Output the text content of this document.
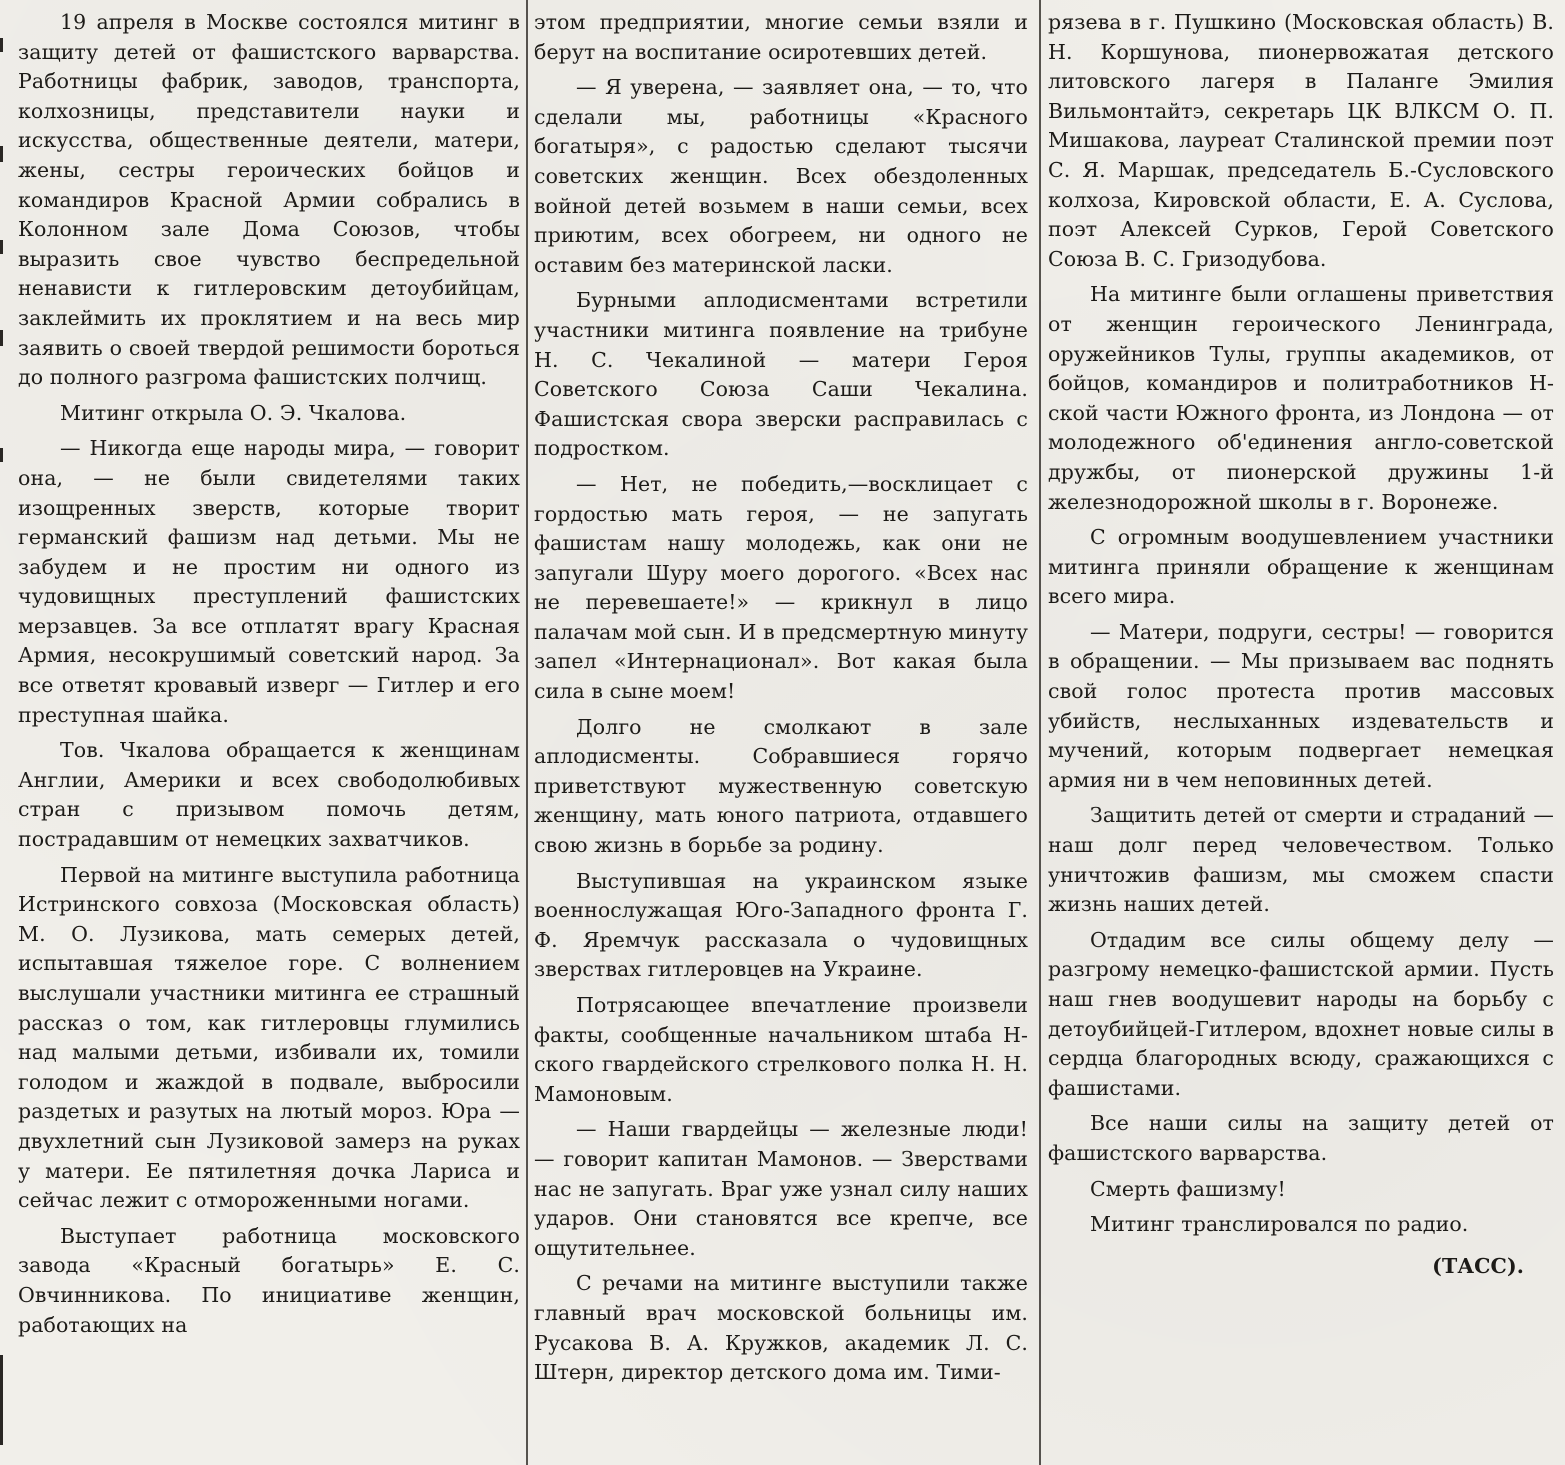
19 апреля в Москве состоялся митинг в защиту детей от фашистского варварства. Работницы фабрик, заводов, транспорта, колхозницы, представители науки и искусства, общественные деятели, матери, жены, сестры героических бойцов и командиров Красной Армии собрались в Колонном зале Дома Союзов, чтобы выразить свое чувство беспредельной ненависти к гитлеровским детоубийцам, заклеймить их проклятием и на весь мир заявить о своей твердой решимости бороться до полного разгрома фашистских полчищ.

Митинг открыла О. Э. Чкалова.

— Никогда еще народы мира, — говорит она, — не были свидетелями таких изощренных зверств, которые творит германский фашизм над детьми. Мы не забудем и не простим ни одного из чудовищных преступлений фашистских мерзавцев. За все отплатят врагу Красная Армия, несокрушимый советский народ. За все ответят кровавый изверг — Гитлер и его преступная шайка.

Тов. Чкалова обращается к женщинам Англии, Америки и всех свободолюбивых стран с призывом помочь детям, пострадавшим от немецких захватчиков.

Первой на митинге выступила работница Истринского совхоза (Московская область) М. О. Лузикова, мать семерых детей, испытавшая тяжелое горе. С волнением выслушали участники митинга ее страшный рассказ о том, как гитлеровцы глумились над малыми детьми, избивали их, томили голодом и жаждой в подвале, выбросили раздетых и разутых на лютый мороз. Юра — двухлетний сын Лузиковой замерз на руках у матери. Ее пятилетняя дочка Лариса и сейчас лежит с отмороженными ногами.

Выступает работница московского завода «Красный богатырь» Е. С. Овчинникова. По инициативе женщин, работающих на

этом предприятии, многие семьи взяли и берут на воспитание осиротевших детей.

— Я уверена, — заявляет она, — то, что сделали мы, работницы «Красного богатыря», с радостью сделают тысячи советских женщин. Всех обездоленных войной детей возьмем в наши семьи, всех приютим, всех обогреем, ни одного не оставим без материнской ласки.

Бурными аплодисментами встретили участники митинга появление на трибуне Н. С. Чекалиной — матери Героя Советского Союза Саши Чекалина. Фашистская свора зверски расправилась с подростком.

— Нет, не победить,—восклицает с гордостью мать героя, — не запугать фашистам нашу молодежь, как они не запугали Шуру моего дорогого. «Всех нас не перевешаете!» — крикнул в лицо палачам мой сын. И в предсмертную минуту запел «Интернационал». Вот какая была сила в сыне моем!

Долго не смолкают в зале аплодисменты. Собравшиеся горячо приветствуют мужественную советскую женщину, мать юного патриота, отдавшего свою жизнь в борьбе за родину.

Выступившая на украинском языке военнослужащая Юго-Западного фронта Г. Ф. Яремчук рассказала о чудовищных зверствах гитлеровцев на Украине.

Потрясающее впечатление произвели факты, сообщенные начальником штаба Н-ского гвардейского стрелкового полка Н. Н. Мамоновым.

— Наши гвардейцы — железные люди! — говорит капитан Мамонов. — Зверствами нас не запугать. Враг уже узнал силу наших ударов. Они становятся все крепче, все ощутительнее.

С речами на митинге выступили также главный врач московской больницы им. Русакова В. А. Кружков, академик Л. С. Штерн, директор детского дома им. Тими-

рязева в г. Пушкино (Московская область) В. Н. Коршунова, пионервожатая детского литовского лагеря в Паланге Эмилия Вильмонтайтэ, секретарь ЦК ВЛКСМ О. П. Мишакова, лауреат Сталинской премии поэт С. Я. Маршак, председатель Б.-Сусловского колхоза, Кировской области, Е. А. Суслова, поэт Алексей Сурков, Герой Советского Союза В. С. Гризодубова.

На митинге были оглашены приветствия от женщин героического Ленинграда, оружейников Тулы, группы академиков, от бойцов, командиров и политработников Н-ской части Южного фронта, из Лондона — от молодежного об'единения англо-советской дружбы, от пионерской дружины 1-й железнодорожной школы в г. Воронеже.

С огромным воодушевлением участники митинга приняли обращение к женщинам всего мира.

— Матери, подруги, сестры! — говорится в обращении. — Мы призываем вас поднять свой голос протеста против массовых убийств, неслыханных издевательств и мучений, которым подвергает немецкая армия ни в чем неповинных детей.

Защитить детей от смерти и страданий — наш долг перед человечеством. Только уничтожив фашизм, мы сможем спасти жизнь наших детей.

Отдадим все силы общему делу — разгрому немецко-фашистской армии. Пусть наш гнев воодушевит народы на борьбу с детоубийцей-Гитлером, вдохнет новые силы в сердца благородных всюду, сражающихся с фашистами.

Все наши силы на защиту детей от фашистского варварства.

Смерть фашизму!

Митинг транслировался по радио.

(ТАСС).
